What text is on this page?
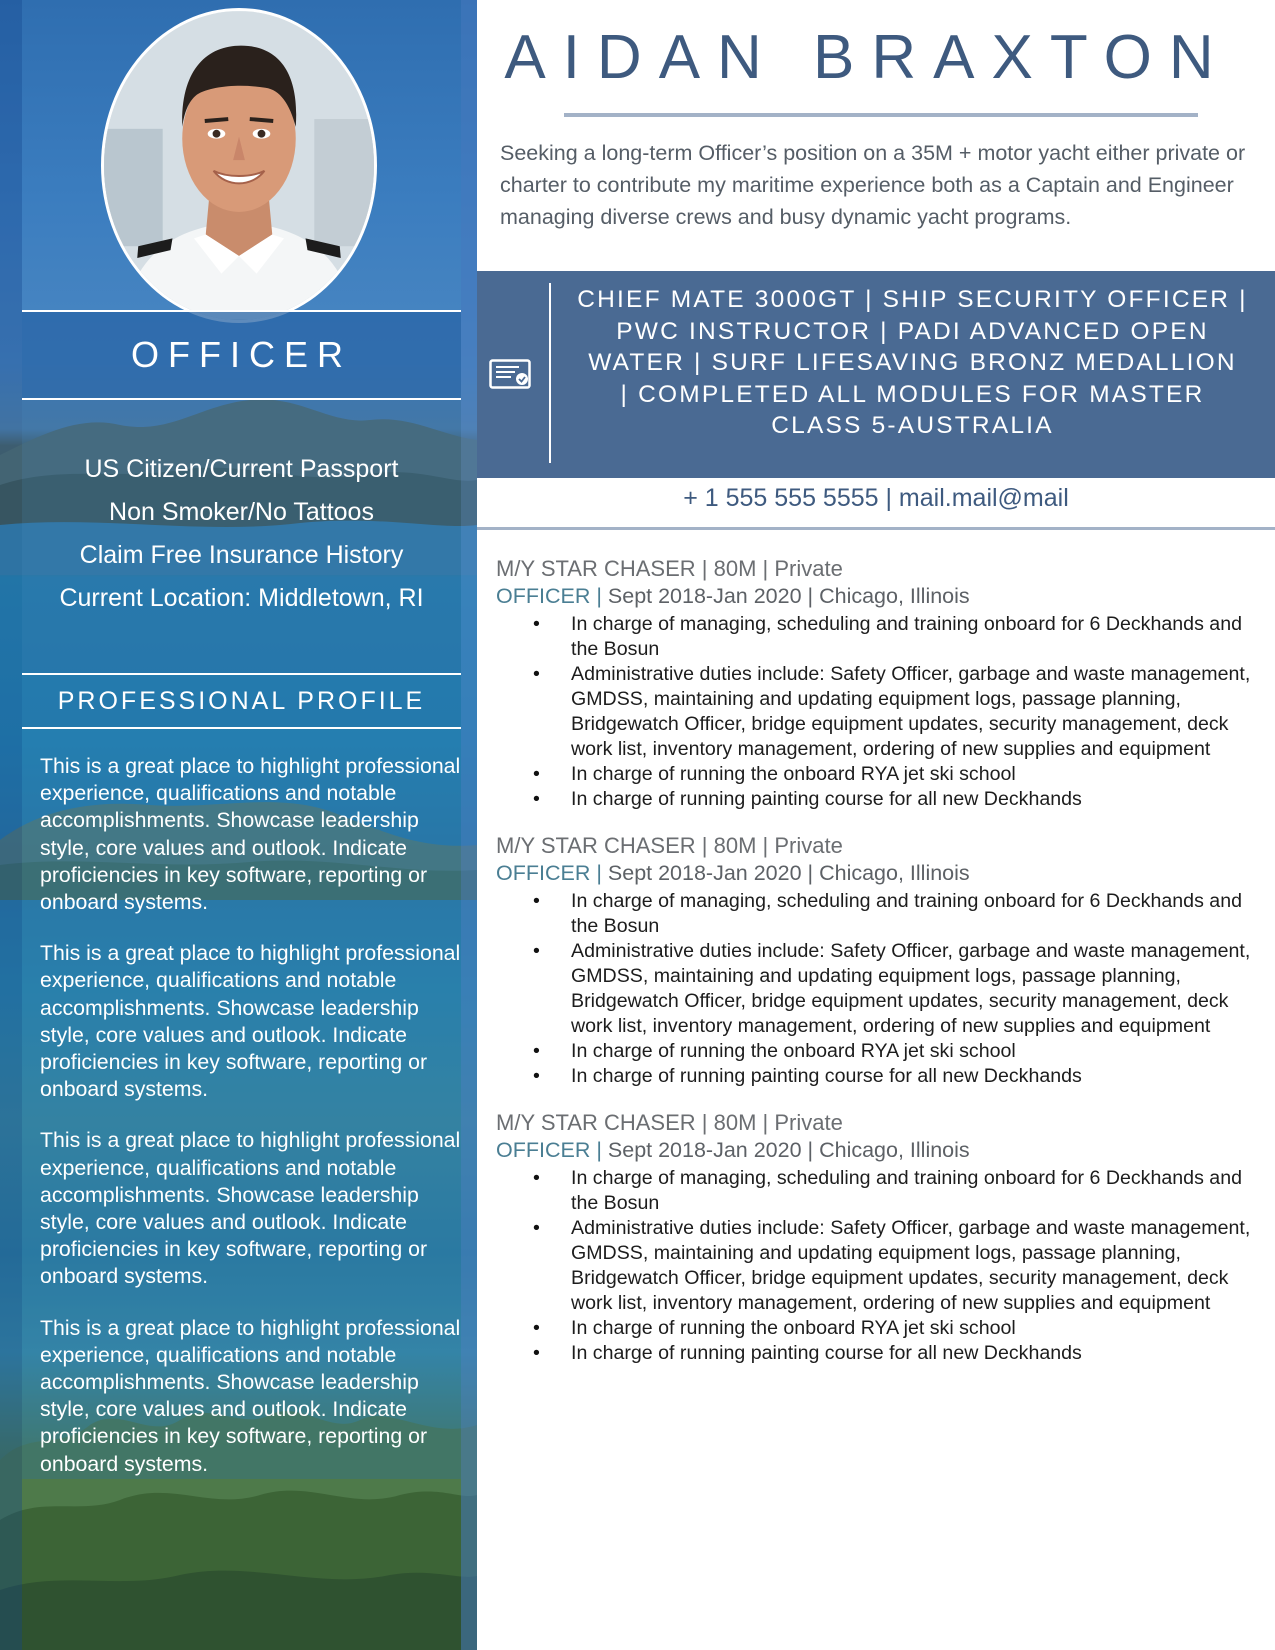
OFFICER
US Citizen/Current Passport
Non Smoker/No Tattoos
Claim Free Insurance History
Current Location: Middletown, RI
PROFESSIONAL PROFILE

This is a great place to highlight professional experience, qualifications and notable accomplishments. Showcase leadership style, core values and outlook. Indicate proficiencies in key software, reporting or onboard systems.

This is a great place to highlight professional experience, qualifications and notable accomplishments. Showcase leadership style, core values and outlook. Indicate proficiencies in key software, reporting or onboard systems.

This is a great place to highlight professional experience, qualifications and notable accomplishments. Showcase leadership style, core values and outlook. Indicate proficiencies in key software, reporting or onboard systems.

This is a great place to highlight professional experience, qualifications and notable accomplishments. Showcase leadership style, core values and outlook. Indicate proficiencies in key software, reporting or onboard systems.

AIDAN BRAXTON
Seeking a long-term Officer’s position on a 35M + motor yacht either private or charter to contribute my maritime experience both as a Captain and Engineer managing diverse crews and busy dynamic yacht programs.
CHIEF MATE 3000GT | SHIP SECURITY OFFICER |
PWC INSTRUCTOR | PADI ADVANCED OPEN
WATER | SURF LIFESAVING BRONZ MEDALLION
| COMPLETED ALL MODULES FOR MASTER
CLASS 5-AUSTRALIA
+ 1 555 555 5555 | mail.mail@mail
M/Y STAR CHASER | 80M | Private
OFFICER | Sept 2018-Jan 2020 | Chicago, Illinois
• In charge of managing, scheduling and training onboard for 6 Deckhands and the Bosun
• Administrative duties include: Safety Officer, garbage and waste management, GMDSS, maintaining and updating equipment logs, passage planning, Bridgewatch Officer, bridge equipment updates, security management, deck work list, inventory management, ordering of new supplies and equipment
• In charge of running the onboard RYA jet ski school
• In charge of running painting course for all new Deckhands
M/Y STAR CHASER | 80M | Private
OFFICER | Sept 2018-Jan 2020 | Chicago, Illinois
• In charge of managing, scheduling and training onboard for 6 Deckhands and the Bosun
• Administrative duties include: Safety Officer, garbage and waste management, GMDSS, maintaining and updating equipment logs, passage planning, Bridgewatch Officer, bridge equipment updates, security management, deck work list, inventory management, ordering of new supplies and equipment
• In charge of running the onboard RYA jet ski school
• In charge of running painting course for all new Deckhands
M/Y STAR CHASER | 80M | Private
OFFICER | Sept 2018-Jan 2020 | Chicago, Illinois
• In charge of managing, scheduling and training onboard for 6 Deckhands and the Bosun
• Administrative duties include: Safety Officer, garbage and waste management, GMDSS, maintaining and updating equipment logs, passage planning, Bridgewatch Officer, bridge equipment updates, security management, deck work list, inventory management, ordering of new supplies and equipment
• In charge of running the onboard RYA jet ski school
• In charge of running painting course for all new Deckhands
